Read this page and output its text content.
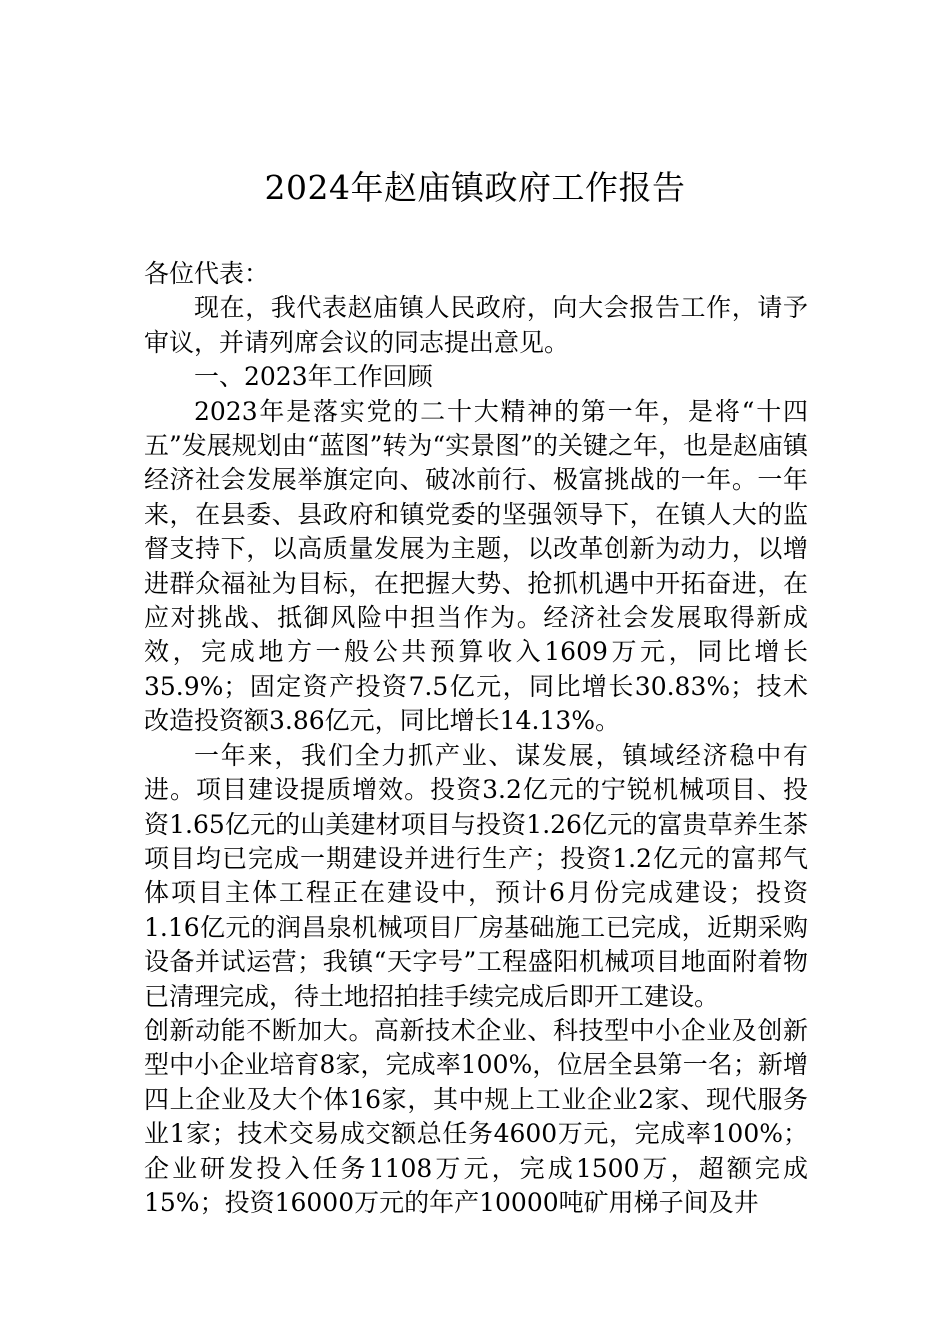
2024年赵庙镇政府工作报告

各位代表：

现在，我代表赵庙镇人民政府，向大会报告工作，请予审议，并请列席会议的同志提出意见。

一、2023年工作回顾

2023年是落实党的二十大精神的第一年，是将“十四五”发展规划由“蓝图”转为“实景图”的关键之年，也是赵庙镇经济社会发展举旗定向、破冰前行、极富挑战的一年。一年来，在县委、县政府和镇党委的坚强领导下，在镇人大的监督支持下，以高质量发展为主题，以改革创新为动力，以增进群众福祉为目标，在把握大势、抢抓机遇中开拓奋进，在应对挑战、抵御风险中担当作为。经济社会发展取得新成效，完成地方一般公共预算收入1609万元，同比增长35.9%；固定资产投资7.5亿元，同比增长30.83%；技术改造投资额3.86亿元，同比增长14.13%。

一年来，我们全力抓产业、谋发展，镇域经济稳中有进。项目建设提质增效。投资3.2亿元的宁锐机械项目、投资1.65亿元的山美建材项目与投资1.26亿元的富贵草养生茶项目均已完成一期建设并进行生产；投资1.2亿元的富邦气体项目主体工程正在建设中，预计6月份完成建设；投资1.16亿元的润昌泉机械项目厂房基础施工已完成，近期采购设备并试运营；我镇“天字号”工程盛阳机械项目地面附着物已清理完成，待土地招拍挂手续完成后即开工建设。

创新动能不断加大。高新技术企业、科技型中小企业及创新型中小企业培育8家，完成率100%，位居全县第一名；新增四上企业及大个体16家，其中规上工业企业2家、现代服务业1家；技术交易成交额总任务4600万元，完成率100%；企业研发投入任务1108万元，完成1500万，超额完成15%；投资16000万元的年产10000吨矿用梯子间及井
